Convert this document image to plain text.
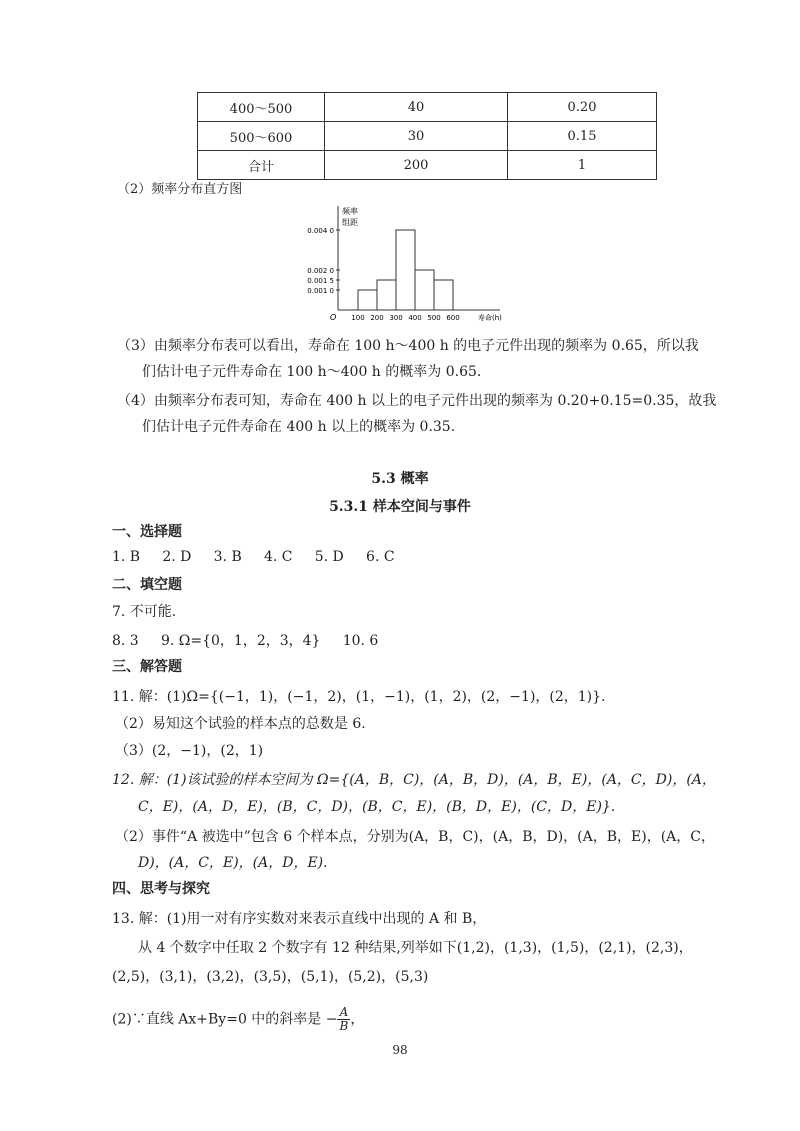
400～500	40	0.20
500～600	30	0.15
合计	200	1
（2）频率分布直方图
频率
组距
O	寿命(h)
0.004 0
0.002 0
0.001 5
0.001 0
100 200 300 400 500 600
（3）由频率分布表可以看出，寿命在 100 h～400 h 的电子元件出现的频率为 0.65，所以我
们估计电子元件寿命在 100 h～400 h 的概率为 0.65.
（4）由频率分布表可知，寿命在 400 h 以上的电子元件出现的频率为 0.20+0.15=0.35，故我
们估计电子元件寿命在 400 h 以上的概率为 0.35.
5.3 概率
5.3.1 样本空间与事件
一、选择题
1. B     2. D     3. B     4. C     5. D     6. C
二、填空题
7. 不可能.
8. 3     9. Ω={0，1，2，3，4}     10. 6
三、解答题
11. 解：(1)Ω={(−1，1)，(−1，2)，(1，−1)，(1，2)，(2，−1)，(2，1)}.
（2）易知这个试验的样本点的总数是 6.
（3）(2，−1)，(2，1)
12. 解：(1)该试验的样本空间为 Ω={(A，B，C)，(A，B，D)，(A，B，E)，(A，C，D)，(A，
C，E)，(A，D，E)，(B，C，D)，(B，C，E)，(B，D，E)，(C，D，E)}.
（2）事件“A 被选中”包含 6 个样本点，分别为(A，B，C)，(A，B，D)，(A，B，E)，(A，C，
D)，(A，C，E)，(A，D，E).
四、思考与探究
13. 解：(1)用一对有序实数对来表示直线中出现的 A 和 B，
从 4 个数字中任取 2 个数字有 12 种结果,列举如下(1,2)，(1,3)，(1,5)，(2,1)，(2,3)，
(2,5)，(3,1)，(3,2)，(3,5)，(5,1)，(5,2)，(5,3)
(2)∵直线 Ax+By=0 中的斜率是 − $\frac{A}{B}$ ，
98
